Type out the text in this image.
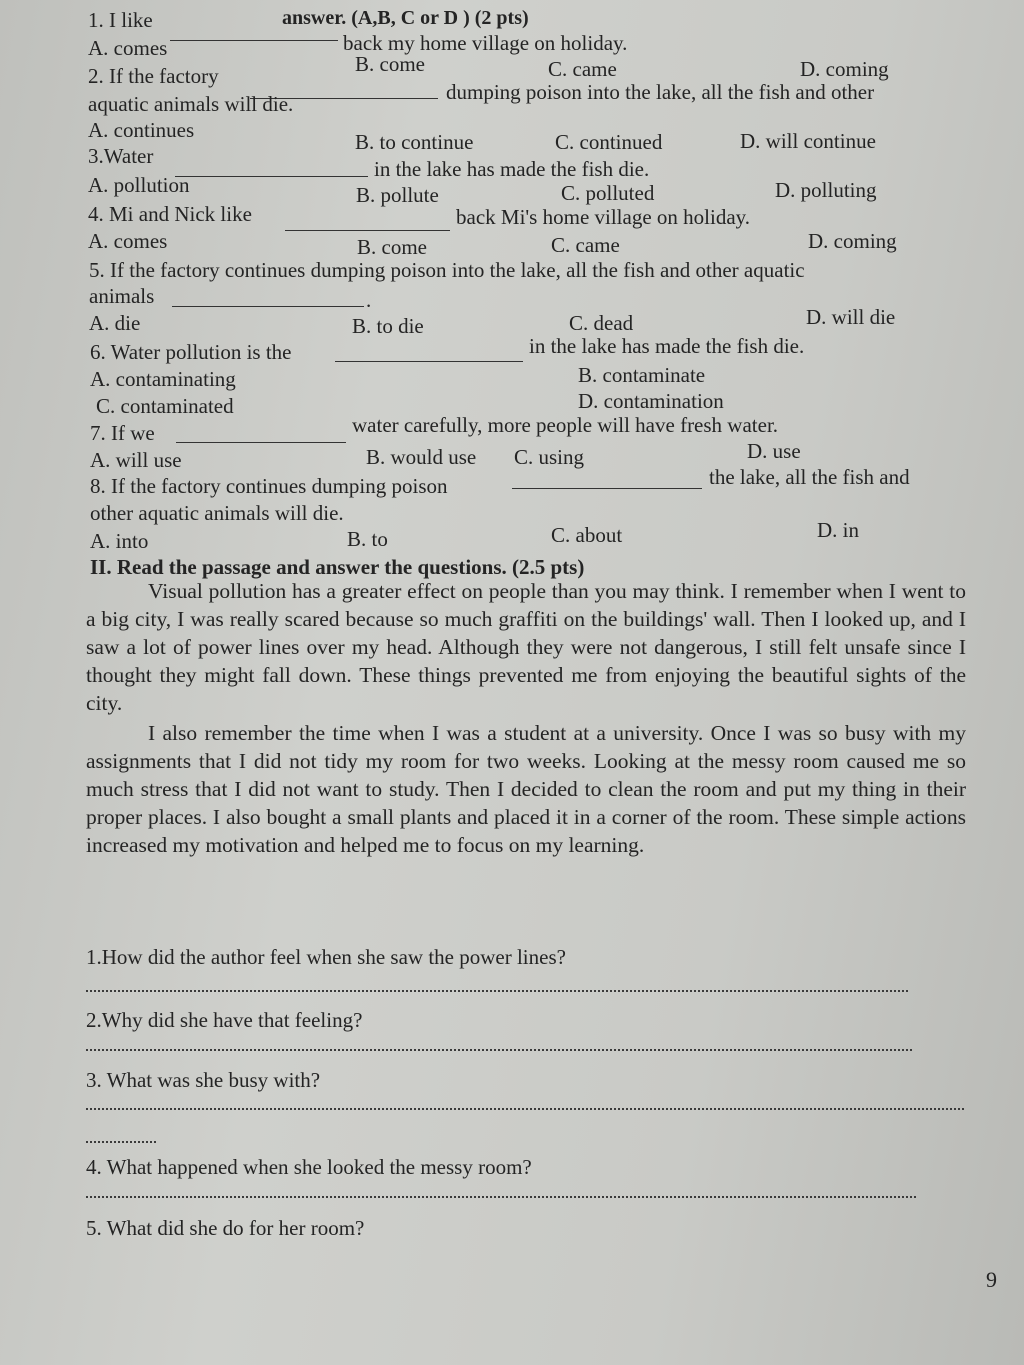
answer. (A,B, C or D ) (2 pts)
1. I like
back my home village on holiday.
A. comes
B. come	C. came	D. coming
2. If the factory
dumping poison into the lake, all the fish and other
aquatic animals will die.
A. continues	B. to continue	C. continued	D. will continue
3.Water
in the lake has made the fish die.
A. pollution	B. pollute	C. polluted	D. polluting
4. Mi and Nick like	back Mi's home village on holiday.
A. comes	B. come	C. came	D. coming
5. If the factory continues dumping poison into the lake, all the fish and other aquatic
animals	.
A. die	B. to die	C. dead	D. will die
6. Water pollution is the	in the lake has made the fish die.
A. contaminating	B. contaminate
C. contaminated	D. contamination
7. If we	water carefully, more people will have fresh water.
A. will use	B. would use C. using	D. use
8. If the factory continues dumping poison	the lake, all the fish and
other aquatic animals will die.
A. into	B. to	C. about	D. in
II. Read the passage and answer the questions. (2.5 pts)

Visual pollution has a greater effect on people than you may think. I remember when I went to a big city, I was really scared because so much graffiti on the buildings' wall. Then I looked up, and I saw a lot of power lines over my head. Although they were not dangerous, I still felt unsafe since I thought they might fall down. These things prevented me from enjoying the beautiful sights of the city.

I also remember the time when I was a student at a university. Once I was so busy with my assignments that I did not tidy my room for two weeks. Looking at the messy room caused me so much stress that I did not want to study. Then I decided to clean the room and put my thing in their proper places. I also bought a small plants and placed it in a corner of the room. These simple actions increased my motivation and helped me to focus on my learning.

1.How did the author feel when she saw the power lines?
2.Why did she have that feeling?
3. What was she busy with?
4. What happened when she looked the messy room?
5. What did she do for her room?
9
